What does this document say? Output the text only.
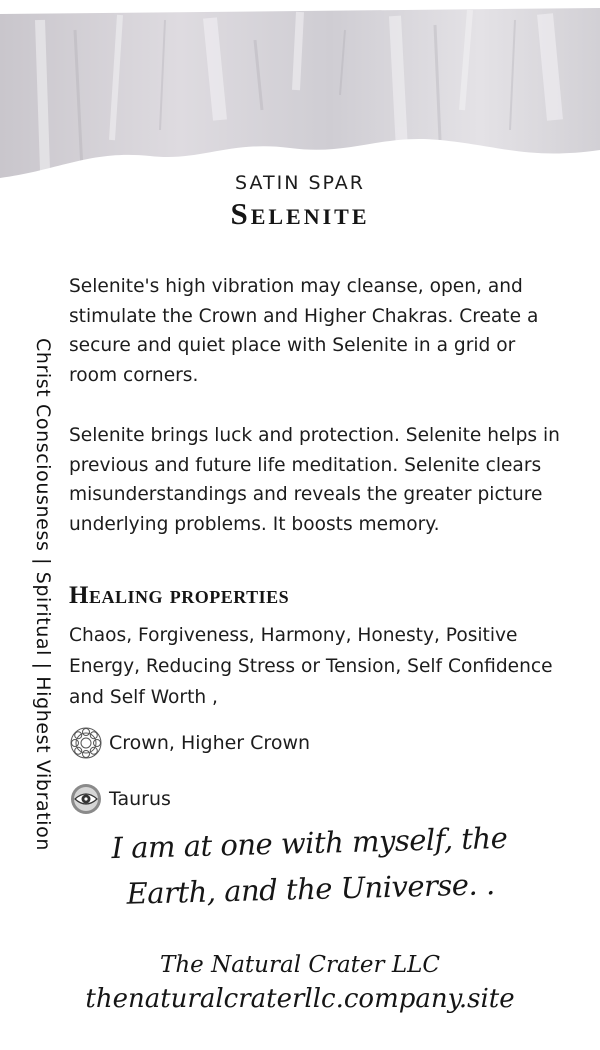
SATIN SPAR
Selenite
Christ Consciousness | Spiritual | Highest Vibration

Selenite's high vibration may cleanse, open, and stimulate the Crown and Higher Chakras. Create a secure and quiet place with Selenite in a grid or room corners.

Selenite brings luck and protection. Selenite helps in previous and future life meditation. Selenite clears misunderstandings and reveals the greater picture underlying problems. It boosts memory.

Healing properties

Chaos, Forgiveness, Harmony, Honesty, Positive Energy, Reducing Stress or Tension, Self Confidence and Self Worth ,

Crown, Higher Crown
Taurus
I am at one with myself, the Earth, and the Universe. .
The Natural Crater LLC
thenaturalcraterllc.company.site
